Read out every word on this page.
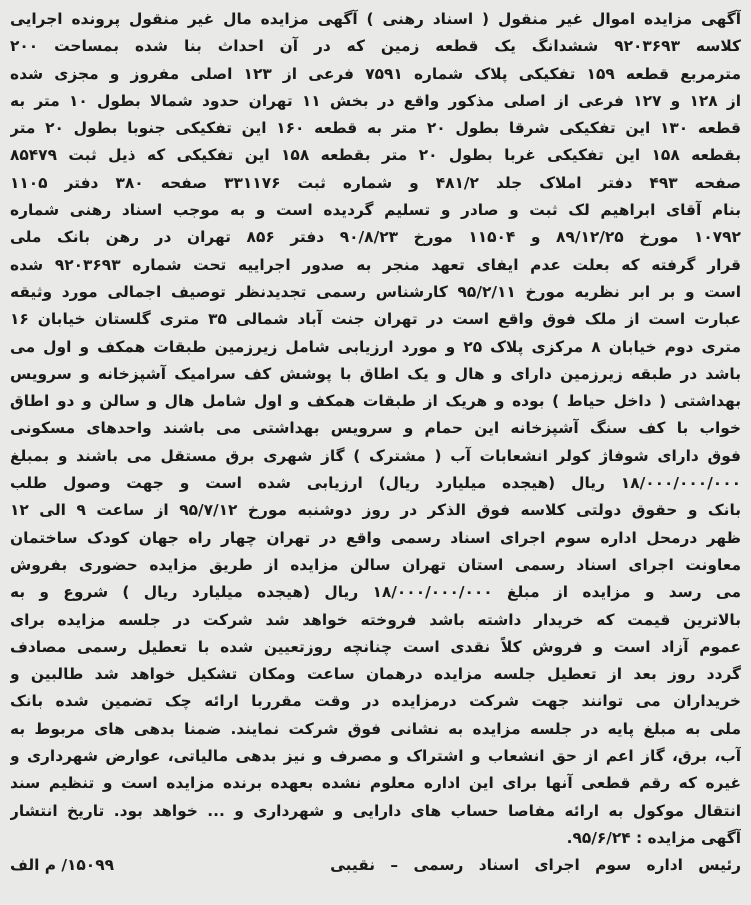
آگهی مزایده اموال غیر منقول ( اسناد رهنی ) آگهی مزایده مال غیر منقول پرونده اجرایی
کلاسه ۹۲۰۳۶۹۳ ششدانگ یک قطعه زمین که در آن احداث بنا شده بمساحت ۲۰۰
مترمربع قطعه ۱۵۹ تفکیکی پلاک شماره ۷۵۹۱ فرعی از ۱۲۳ اصلی مفروز و مجزی شده
از ۱۲۸ و ۱۲۷ فرعی از اصلی مذکور واقع در بخش ۱۱ تهران حدود شمالا بطول ۱۰ متر به
قطعه ۱۳۰ این تفکیکی شرقا بطول ۲۰ متر به قطعه ۱۶۰ این تفکیکی جنوبا بطول ۲۰ متر
بقطعه ۱۵۸ این تفکیکی غربا بطول ۲۰ متر بقطعه ۱۵۸ این تفکیکی که ذیل ثبت ۸۵۴۷۹
صفحه ۴۹۳ دفتر املاک جلد ۴۸۱/۲ و شماره ثبت ۳۳۱۱۷۶ صفحه ۳۸۰ دفتر ۱۱۰۵
بنام آقای ابراهیم لک ثبت و صادر و تسلیم گردیده است و به موجب اسناد رهنی شماره
۱۰۷۹۲ مورخ ۸۹/۱۲/۲۵ و ۱۱۵۰۴ مورخ ۹۰/۸/۲۳ دفتر ۸۵۶ تهران در رهن بانک ملی
قرار گرفته که بعلت عدم ایفای تعهد منجر به صدور اجراییه تحت شماره ۹۲۰۳۶۹۳ شده
است و بر ابر نظریه مورخ ۹۵/۲/۱۱ کارشناس رسمی تجدیدنظر توصیف اجمالی مورد وثیقه
عبارت است از ملک فوق واقع است در تهران جنت آباد شمالی ۳۵ متری گلستان خیابان ۱۶
متری دوم خیابان ۸ مرکزی پلاک ۲۵ و مورد ارزیابی شامل زیرزمین طبقات همکف و اول می
باشد در طبقه زیرزمین دارای و هال و یک اطاق با پوشش کف سرامیک آشپزخانه و سرویس
بهداشتی ( داخل حیاط ) بوده و هریک از طبقات همکف و اول شامل هال و سالن و دو اطاق
خواب با کف سنگ آشپزخانه این حمام و سرویس بهداشتی می باشند واحدهای مسکونی
فوق دارای شوفاژ کولر انشعابات آب ( مشترک ) گاز شهری برق مستقل می باشند و بمبلغ
۱۸/۰۰۰/۰۰۰/۰۰۰ ریال (هیجده میلیارد ریال) ارزیابی شده است و جهت وصول طلب
بانک و حقوق دولتی کلاسه فوق الذکر در روز دوشنبه مورخ ۹۵/۷/۱۲ از ساعت ۹ الی ۱۲
ظهر درمحل اداره سوم اجرای اسناد رسمی واقع در تهران چهار راه جهان کودک ساختمان
معاونت اجرای اسناد رسمی استان تهران سالن مزایده از طریق مزایده حضوری بفروش
می رسد و مزایده از مبلغ ۱۸/۰۰۰/۰۰۰/۰۰۰ ریال (هیجده میلیارد ریال ) شروع و به
بالاترین قیمت که خریدار داشته باشد فروخته خواهد شد شرکت در جلسه مزایده برای
عموم آزاد است و فروش کلاً نقدی است چنانچه روزتعیین شده با تعطیل رسمی مصادف
گردد روز بعد از تعطیل جلسه مزایده درهمان ساعت ومکان تشکیل خواهد شد طالبین و
خریداران می توانند جهت شرکت درمزایده در وقت مقرربا ارائه چک تضمین شده بانک
ملی به مبلغ پایه در جلسه مزایده به نشانی فوق شرکت نمایند. ضمنا بدهی های مربوط به
آب، برق، گاز اعم از حق انشعاب و اشتراک و مصرف و نیز بدهی مالیاتی، عوارض شهرداری و
غیره که رقم قطعی آنها برای این اداره معلوم نشده بعهده برنده مزایده است و تنظیم سند
انتقال موکول به ارائه مفاصا حساب های دارایی و شهرداری و ... خواهد بود. تاریخ انتشار
آگهی مزایده : ۹۵/۶/۲۴.
رئیس اداره سوم اجرای اسناد رسمی – نقیبی
۱۵۰۹۹/ م الف
